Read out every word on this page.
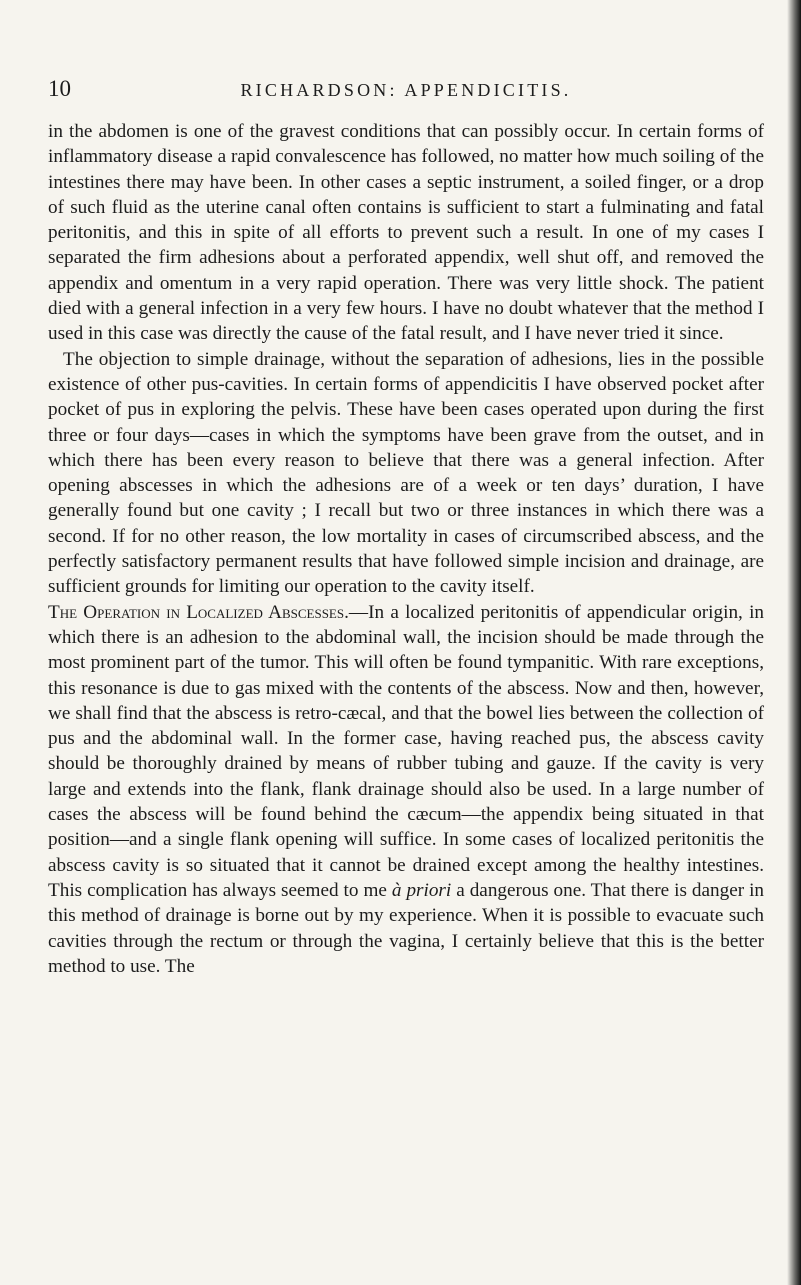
10	RICHARDSON: APPENDICITIS.

in the abdomen is one of the gravest conditions that can possibly occur. In certain forms of inflammatory disease a rapid convalescence has followed, no matter how much soiling of the intestines there may have been. In other cases a septic instrument, a soiled finger, or a drop of such fluid as the uterine canal often contains is sufficient to start a fulminating and fatal peritonitis, and this in spite of all efforts to prevent such a result. In one of my cases I separated the firm adhesions about a perforated appendix, well shut off, and removed the appendix and omentum in a very rapid operation. There was very little shock. The patient died with a general infection in a very few hours. I have no doubt whatever that the method I used in this case was directly the cause of the fatal result, and I have never tried it since.

The objection to simple drainage, without the separation of adhesions, lies in the possible existence of other pus-cavities. In certain forms of appendicitis I have observed pocket after pocket of pus in exploring the pelvis. These have been cases operated upon during the first three or four days—cases in which the symptoms have been grave from the outset, and in which there has been every reason to believe that there was a general infection. After opening abscesses in which the adhesions are of a week or ten days’ duration, I have generally found but one cavity ; I recall but two or three instances in which there was a second. If for no other reason, the low mortality in cases of circumscribed abscess, and the perfectly satisfactory permanent results that have followed simple incision and drainage, are sufficient grounds for limiting our operation to the cavity itself.

The Operation in Localized Abscesses.—In a localized peritonitis of appendicular origin, in which there is an adhesion to the abdominal wall, the incision should be made through the most prominent part of the tumor. This will often be found tympanitic. With rare exceptions, this resonance is due to gas mixed with the contents of the abscess. Now and then, however, we shall find that the abscess is retro-cæcal, and that the bowel lies between the collection of pus and the abdominal wall. In the former case, having reached pus, the abscess cavity should be thoroughly drained by means of rubber tubing and gauze. If the cavity is very large and extends into the flank, flank drainage should also be used. In a large number of cases the abscess will be found behind the cæcum—the appendix being situated in that position—and a single flank opening will suffice. In some cases of localized peritonitis the abscess cavity is so situated that it cannot be drained except among the healthy intestines. This complication has always seemed to me à priori a dangerous one. That there is danger in this method of drainage is borne out by my experience. When it is possible to evacuate such cavities through the rectum or through the vagina, I certainly believe that this is the better method to use. The
